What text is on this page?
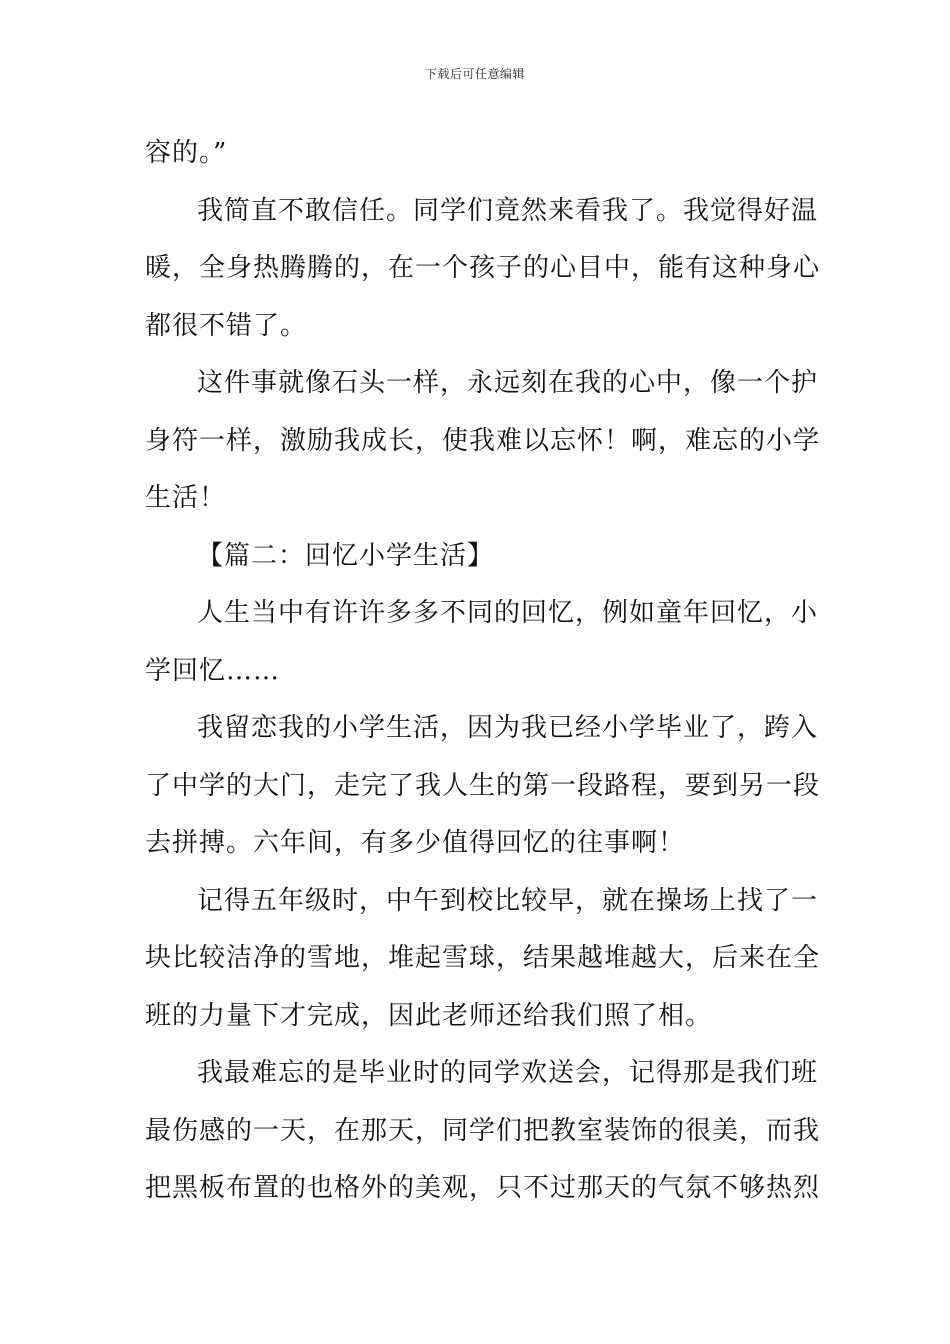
下载后可任意编辑
容的。”
我简直不敢信任。同学们竟然来看我了。我觉得好温
暖，全身热腾腾的，在一个孩子的心目中，能有这种身心
都很不错了。
这件事就像石头一样，永远刻在我的心中，像一个护
身符一样，激励我成长，使我难以忘怀！啊，难忘的小学
生活！
【篇二：回忆小学生活】
人生当中有许许多多不同的回忆，例如童年回忆，小
学回忆……
我留恋我的小学生活，因为我已经小学毕业了，跨入
了中学的大门，走完了我人生的第一段路程，要到另一段
去拼搏。六年间，有多少值得回忆的往事啊！
记得五年级时，中午到校比较早，就在操场上找了一
块比较洁净的雪地，堆起雪球，结果越堆越大，后来在全
班的力量下才完成，因此老师还给我们照了相。
我最难忘的是毕业时的同学欢送会，记得那是我们班
最伤感的一天，在那天，同学们把教室装饰的很美，而我
把黑板布置的也格外的美观，只不过那天的气氛不够热烈
